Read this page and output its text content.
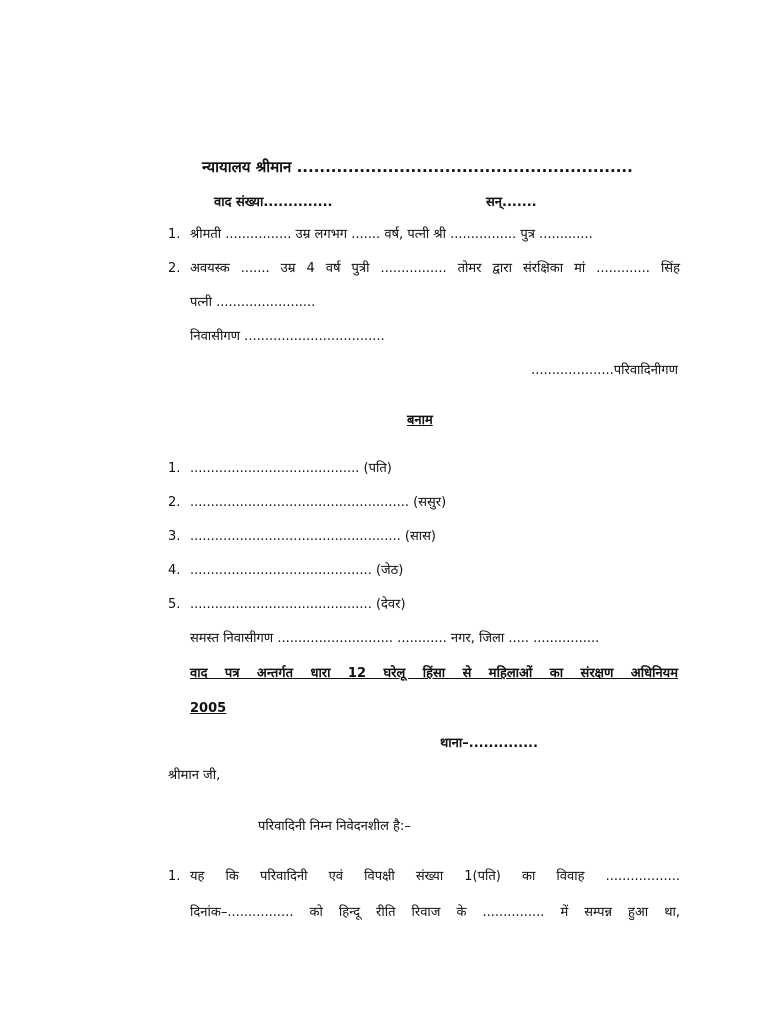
न्यायालय श्रीमान ...........................................................
वाद संख्या..............	सन्.......
1. श्रीमती ................ उम्र लगभग ....... वर्ष, पत्नी श्री ................ पुत्र .............
2. अवयस्क ....... उम्र 4 वर्ष पुत्री ................ तोमर द्वारा संरक्षिका मां ............. सिंह
पत्नी ........................
निवासीगण ..................................
....................परिवादिनीगण
बनाम
1. ......................................... (पति)
2. ..................................................... (ससुर)
3. ................................................... (सास)
4. ............................................ (जेठ)
5. ............................................ (देवर)
समस्त निवासीगण ............................ ............ नगर, जिला ..... ................
वाद पत्र अन्तर्गत धारा 12 घरेलू हिंसा से महिलाओं का संरक्षण अधिनियम
2005
थाना–..............
श्रीमान जी,
परिवादिनी निम्न निवेदनशील है:–
1. यह कि परिवादिनी एवं विपक्षी संख्या 1(पति) का विवाह ..................
दिनांक–................ को हिन्दू रीति रिवाज के ............... में सम्पन्न हुआ था,
